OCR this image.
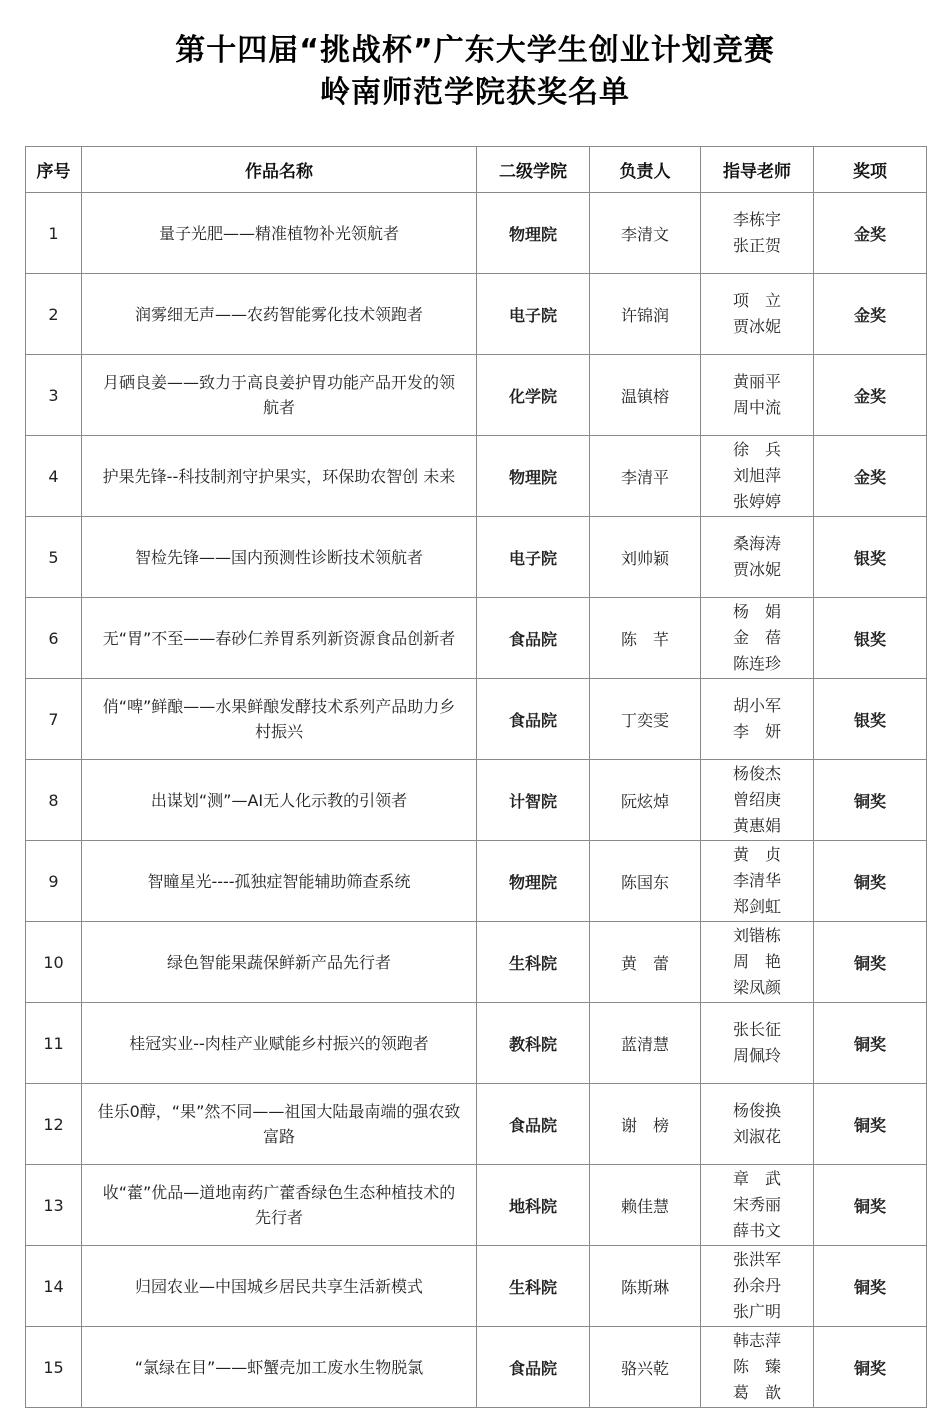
第十四届“挑战杯”广东大学生创业计划竞赛
岭南师范学院获奖名单
序号	作品名称	二级学院	负责人	指导老师	奖项
1	量子光肥——精准植物补光领航者	物理院	李清文	李栋宇
张正贺	金奖
2	润雾细无声——农药智能雾化技术领跑者	电子院	许锦润	项　立
贾冰妮	金奖
3	月硒良姜——致力于高良姜护胃功能产品开发的领航者	化学院	温镇榕	黄丽平
周中流	金奖
4	护果先锋--科技制剂守护果实，环保助农智创 未来	物理院	李清平	徐　兵
刘旭萍
张婷婷	金奖
5	智检先锋——国内预测性诊断技术领航者	电子院	刘帅颖	桑海涛
贾冰妮	银奖
6	无“胃”不至——春砂仁养胃系列新资源食品创新者	食品院	陈　芊	杨　娟
金　蓓
陈连珍	银奖
7	俏“啤”鲜酿——水果鲜酿发酵技术系列产品助力乡村振兴	食品院	丁奕雯	胡小军
李　妍	银奖
8	出谋划“测”—AI无人化示教的引领者	计智院	阮炫焯	杨俊杰
曾绍庚
黄惠娟	铜奖
9	智瞳星光----孤独症智能辅助筛查系统	物理院	陈国东	黄　贞
李清华
郑剑虹	铜奖
10	绿色智能果蔬保鲜新产品先行者	生科院	黄　蕾	刘锴栋
周　艳
梁凤颜	铜奖
11	桂冠实业--肉桂产业赋能乡村振兴的领跑者	教科院	蓝清慧	张长征
周佩玲	铜奖
12	佳乐0醇，“果”然不同——祖国大陆最南端的强农致富路	食品院	谢　榜	杨俊换
刘淑花	铜奖
13	收“藿”优品—道地南药广藿香绿色生态种植技术的先行者	地科院	赖佳慧	章　武
宋秀丽
薛书文	铜奖
14	归园农业—中国城乡居民共享生活新模式	生科院	陈斯琳	张洪军
孙余丹
张广明	铜奖
15	“氯绿在目”——虾蟹壳加工废水生物脱氯	食品院	骆兴乾	韩志萍
陈　臻
葛　歆	铜奖
